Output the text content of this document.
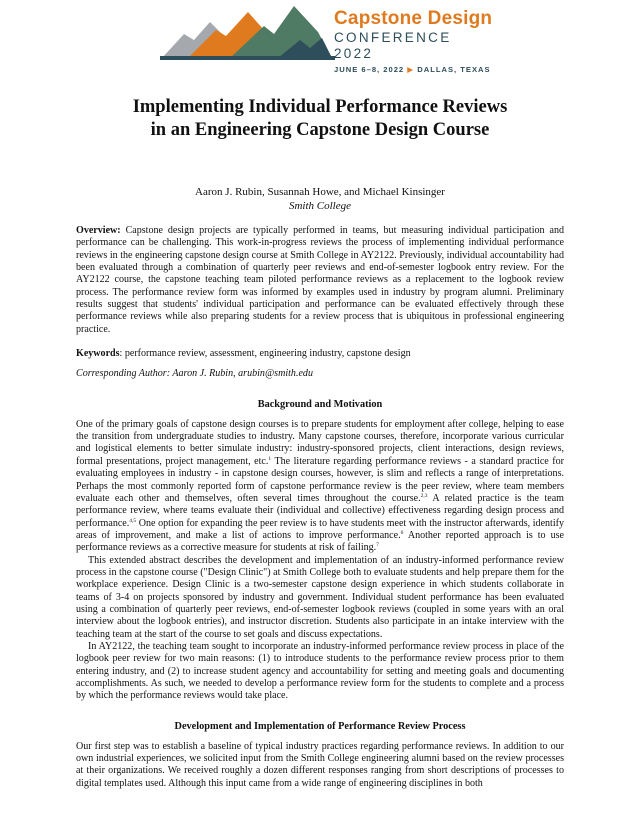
Capstone Design
CONFERENCE 2022
JUNE 6–8, 2022 ▶ DALLAS, TEXAS
Implementing Individual Performance Reviews
in an Engineering Capstone Design Course
Aaron J. Rubin, Susannah Howe, and Michael Kinsinger
Smith College

Overview: Capstone design projects are typically performed in teams, but measuring individual participation and performance can be challenging. This work-in-progress reviews the process of implementing individual performance reviews in the engineering capstone design course at Smith College in AY2122. Previously, individual accountability had been evaluated through a combination of quarterly peer reviews and end-of-semester logbook entry review. For the AY2122 course, the capstone teaching team piloted performance reviews as a replacement to the logbook review process. The performance review form was informed by examples used in industry by program alumni. Preliminary results suggest that students' individual participation and performance can be evaluated effectively through these performance reviews while also preparing students for a review process that is ubiquitous in professional engineering practice.

Keywords: performance review, assessment, engineering industry, capstone design

Corresponding Author: Aaron J. Rubin, arubin@smith.edu

Background and Motivation

One of the primary goals of capstone design courses is to prepare students for employment after college, helping to ease the transition from undergraduate studies to industry. Many capstone courses, therefore, incorporate various curricular and logistical elements to better simulate industry: industry-sponsored projects, client interactions, design reviews, formal presentations, project management, etc.$^1$ The literature regarding performance reviews - a standard practice for evaluating employees in industry - in capstone design courses, however, is slim and reflects a range of interpretations. Perhaps the most commonly reported form of capstone performance review is the peer review, where team members evaluate each other and themselves, often several times throughout the course.$^{2,3}$ A related practice is the team performance review, where teams evaluate their (individual and collective) effectiveness regarding design process and performance.$^{4,5}$ One option for expanding the peer review is to have students meet with the instructor afterwards, identify areas of improvement, and make a list of actions to improve performance.$^6$ Another reported approach is to use performance reviews as a corrective measure for students at risk of failing.$^7$

This extended abstract describes the development and implementation of an industry-informed performance review process in the capstone course ("Design Clinic") at Smith College both to evaluate students and help prepare them for the workplace experience. Design Clinic is a two-semester capstone design experience in which students collaborate in teams of 3-4 on projects sponsored by industry and government. Individual student performance has been evaluated using a combination of quarterly peer reviews, end-of-semester logbook reviews (coupled in some years with an oral interview about the logbook entries), and instructor discretion. Students also participate in an intake interview with the teaching team at the start of the course to set goals and discuss expectations.

In AY2122, the teaching team sought to incorporate an industry-informed performance review process in place of the logbook peer review for two main reasons: (1) to introduce students to the performance review process prior to them entering industry, and (2) to increase student agency and accountability for setting and meeting goals and documenting accomplishments. As such, we needed to develop a performance review form for the students to complete and a process by which the performance reviews would take place.

Development and Implementation of Performance Review Process

Our first step was to establish a baseline of typical industry practices regarding performance reviews. In addition to our own industrial experiences, we solicited input from the Smith College engineering alumni based on the review processes at their organizations. We received roughly a dozen different responses ranging from short descriptions of processes to digital templates used. Although this input came from a wide range of engineering disciplines in both
